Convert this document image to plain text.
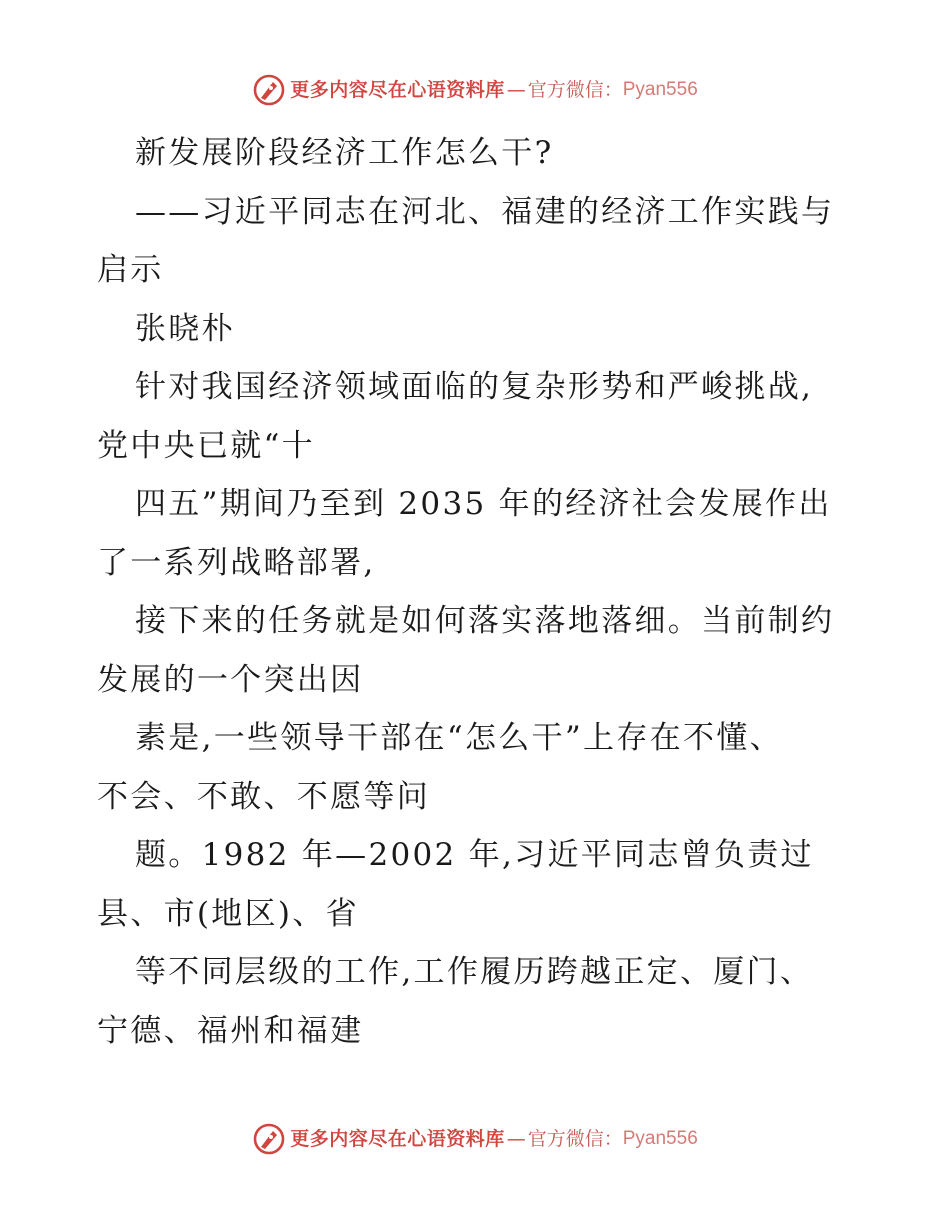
更多内容尽在心语资料库 — 官方微信： Pyan556
新发展阶段经济工作怎么干?
——习近平同志在河北、福建的经济工作实践与
启示
张晓朴
针对我国经济领域面临的复杂形势和严峻挑战,
党中央已就“十
四五”期间乃至到 2035 年的经济社会发展作出
了一系列战略部署,
接下来的任务就是如何落实落地落细。当前制约
发展的一个突出因
素是,一些领导干部在“怎么干”上存在不懂、
不会、不敢、不愿等问
题。1982 年—2002 年,习近平同志曾负责过
县、市(地区)、省
等不同层级的工作,工作履历跨越正定、厦门、
宁德、福州和福建
更多内容尽在心语资料库 — 官方微信： Pyan556
